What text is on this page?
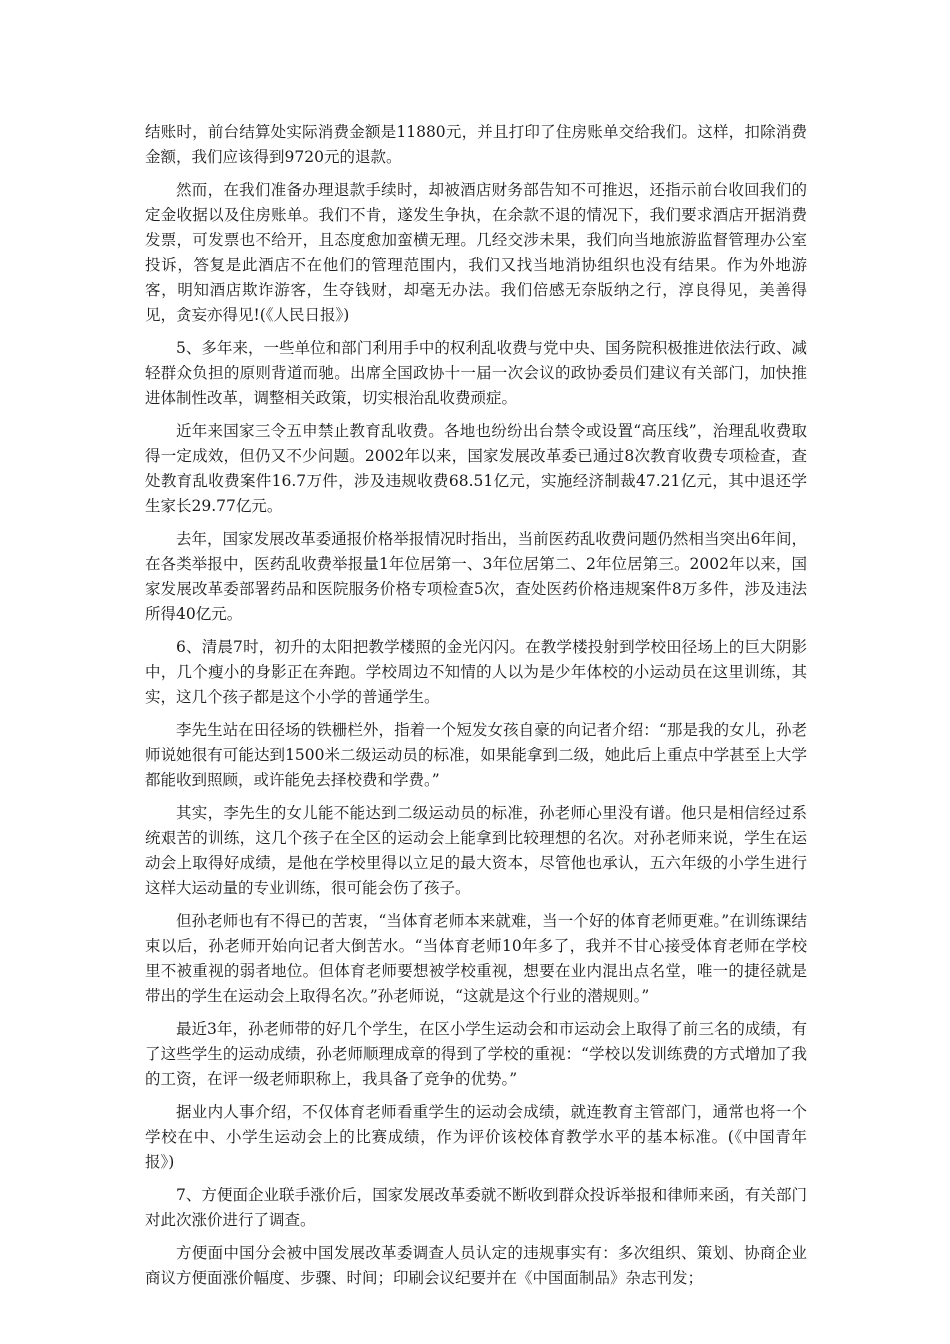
结账时，前台结算处实际消费金额是11880元，并且打印了住房账单交给我们。这样，扣除消费金额，我们应该得到9720元的退款。

然而，在我们准备办理退款手续时，却被酒店财务部告知不可推迟，还指示前台收回我们的定金收据以及住房账单。我们不肯，遂发生争执，在余款不退的情况下，我们要求酒店开据消费发票，可发票也不给开，且态度愈加蛮横无理。几经交涉未果，我们向当地旅游监督管理办公室投诉，答复是此酒店不在他们的管理范围内，我们又找当地消协组织也没有结果。作为外地游客，明知酒店欺诈游客，生夺钱财，却毫无办法。我们倍感无奈版纳之行，淳良得见，美善得见，贪妄亦得见!(《人民日报》)

5、多年来，一些单位和部门利用手中的权利乱收费与党中央、国务院积极推进依法行政、减轻群众负担的原则背道而驰。出席全国政协十一届一次会议的政协委员们建议有关部门，加快推进体制性改革，调整相关政策，切实根治乱收费顽症。

近年来国家三令五申禁止教育乱收费。各地也纷纷出台禁令或设置“高压线”，治理乱收费取得一定成效，但仍又不少问题。2002年以来，国家发展改革委已通过8次教育收费专项检查，查处教育乱收费案件16.7万件，涉及违规收费68.51亿元，实施经济制裁47.21亿元，其中退还学生家长29.77亿元。

去年，国家发展改革委通报价格举报情况时指出，当前医药乱收费问题仍然相当突出6年间，在各类举报中，医药乱收费举报量1年位居第一、3年位居第二、2年位居第三。2002年以来，国家发展改革委部署药品和医院服务价格专项检查5次，查处医药价格违规案件8万多件，涉及违法所得40亿元。

6、清晨7时，初升的太阳把教学楼照的金光闪闪。在教学楼投射到学校田径场上的巨大阴影中，几个瘦小的身影正在奔跑。学校周边不知情的人以为是少年体校的小运动员在这里训练，其实，这几个孩子都是这个小学的普通学生。

李先生站在田径场的铁栅栏外，指着一个短发女孩自豪的向记者介绍：“那是我的女儿，孙老师说她很有可能达到1500米二级运动员的标准，如果能拿到二级，她此后上重点中学甚至上大学都能收到照顾，或许能免去择校费和学费。”

其实，李先生的女儿能不能达到二级运动员的标准，孙老师心里没有谱。他只是相信经过系统艰苦的训练，这几个孩子在全区的运动会上能拿到比较理想的名次。对孙老师来说，学生在运动会上取得好成绩，是他在学校里得以立足的最大资本，尽管他也承认，五六年级的小学生进行这样大运动量的专业训练，很可能会伤了孩子。

但孙老师也有不得已的苦衷，“当体育老师本来就难，当一个好的体育老师更难。”在训练课结束以后，孙老师开始向记者大倒苦水。“当体育老师10年多了，我并不甘心接受体育老师在学校里不被重视的弱者地位。但体育老师要想被学校重视，想要在业内混出点名堂，唯一的捷径就是带出的学生在运动会上取得名次。”孙老师说，“这就是这个行业的潜规则。”

最近3年，孙老师带的好几个学生，在区小学生运动会和市运动会上取得了前三名的成绩，有了这些学生的运动成绩，孙老师顺理成章的得到了学校的重视：“学校以发训练费的方式增加了我的工资，在评一级老师职称上，我具备了竞争的优势。”

据业内人事介绍，不仅体育老师看重学生的运动会成绩，就连教育主管部门，通常也将一个学校在中、小学生运动会上的比赛成绩，作为评价该校体育教学水平的基本标准。(《中国青年报》)

7、方便面企业联手涨价后，国家发展改革委就不断收到群众投诉举报和律师来函，有关部门对此次涨价进行了调查。

方便面中国分会被中国发展改革委调查人员认定的违规事实有：多次组织、策划、协商企业商议方便面涨价幅度、步骤、时间；印刷会议纪要并在《中国面制品》杂志刊发；
